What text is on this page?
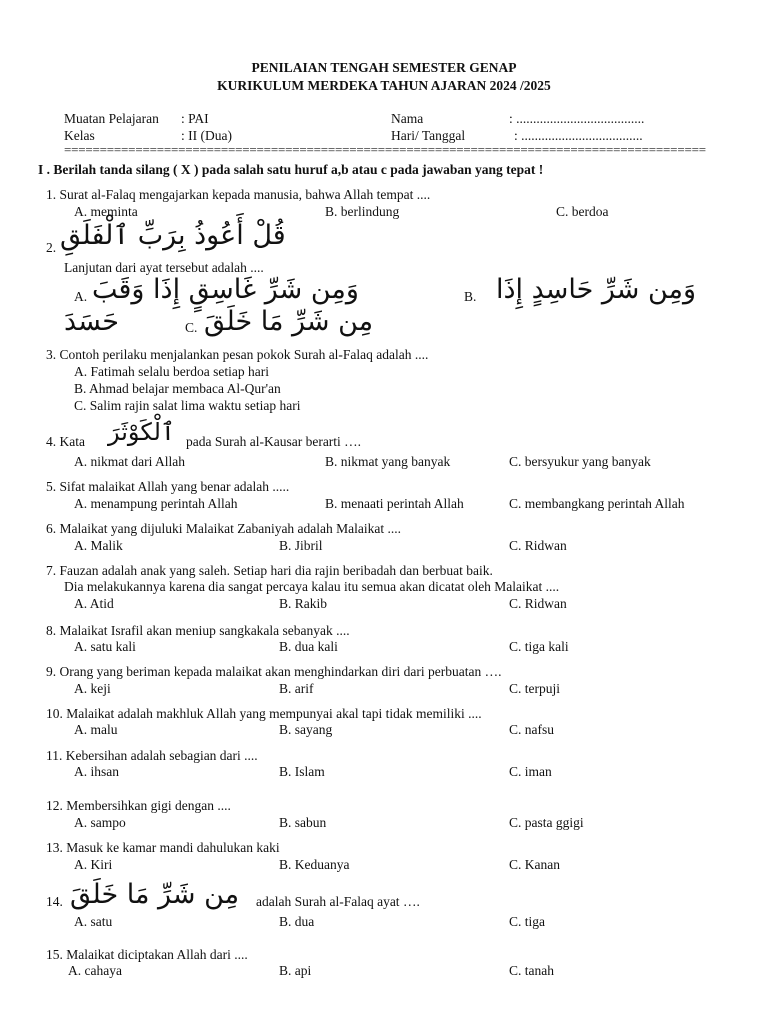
PENILAIAN TENGAH SEMESTER GENAP
KURIKULUM MERDEKA TAHUN AJARAN 2024 /2025
Muatan Pelajaran : PAI	Nama	: ......................................
Kelas	: II (Dua)	Hari/ Tanggal	: ....................................
==========================================================================================
I . Berilah tanda silang ( X ) pada salah satu huruf a,b atau c pada jawaban yang tepat !
1. Surat al-Falaq mengajarkan kepada manusia, bahwa Allah tempat ....
A. meminta	B. berlindung	C. berdoa
2. قُلْ أَعُوذُ بِرَبِّ ٱلْفَلَقِ
Lanjutan dari ayat tersebut adalah ....
A. وَمِن شَرِّ غَاسِقٍ إِذَا وَقَبَ	B. وَمِن شَرِّ حَاسِدٍ إِذَا
حَسَدَ	C. مِن شَرِّ مَا خَلَقَ
3. Contoh perilaku menjalankan pesan pokok Surah al-Falaq adalah ....
A. Fatimah selalu berdoa setiap hari
B. Ahmad belajar membaca Al-Qur'an
C. Salim rajin salat lima waktu setiap hari
4. Kata ٱلْكَوْثَرَ pada Surah al-Kausar berarti ….
A. nikmat dari Allah	B. nikmat yang banyak	C. bersyukur yang banyak
5. Sifat malaikat Allah yang benar adalah .....
A. menampung perintah Allah	B. menaati perintah Allah	C. membangkang perintah Allah
6. Malaikat yang dijuluki Malaikat Zabaniyah adalah Malaikat ....
A. Malik	B. Jibril	C. Ridwan
7. Fauzan adalah anak yang saleh. Setiap hari dia rajin beribadah dan berbuat baik.
Dia melakukannya karena dia sangat percaya kalau itu semua akan dicatat oleh Malaikat ....
A. Atid	B. Rakib	C. Ridwan
8. Malaikat Israfil akan meniup sangkakala sebanyak ....
A. satu kali	B. dua kali	C. tiga kali
9. Orang yang beriman kepada malaikat akan menghindarkan diri dari perbuatan ….
A. keji	B. arif	C. terpuji
10. Malaikat adalah makhluk Allah yang mempunyai akal tapi tidak memiliki ....
A. malu	B. sayang	C. nafsu
11. Kebersihan adalah sebagian dari ....
A. ihsan	B. Islam	C. iman
12. Membersihkan gigi dengan ....
A. sampo	B. sabun	C. pasta ggigi
13. Masuk ke kamar mandi dahulukan kaki
A. Kiri	B. Keduanya	C. Kanan
14. مِن شَرِّ مَا خَلَقَ adalah Surah al-Falaq ayat ….
A. satu	B. dua	C. tiga
15. Malaikat diciptakan Allah dari ....
A. cahaya	B. api	C. tanah
